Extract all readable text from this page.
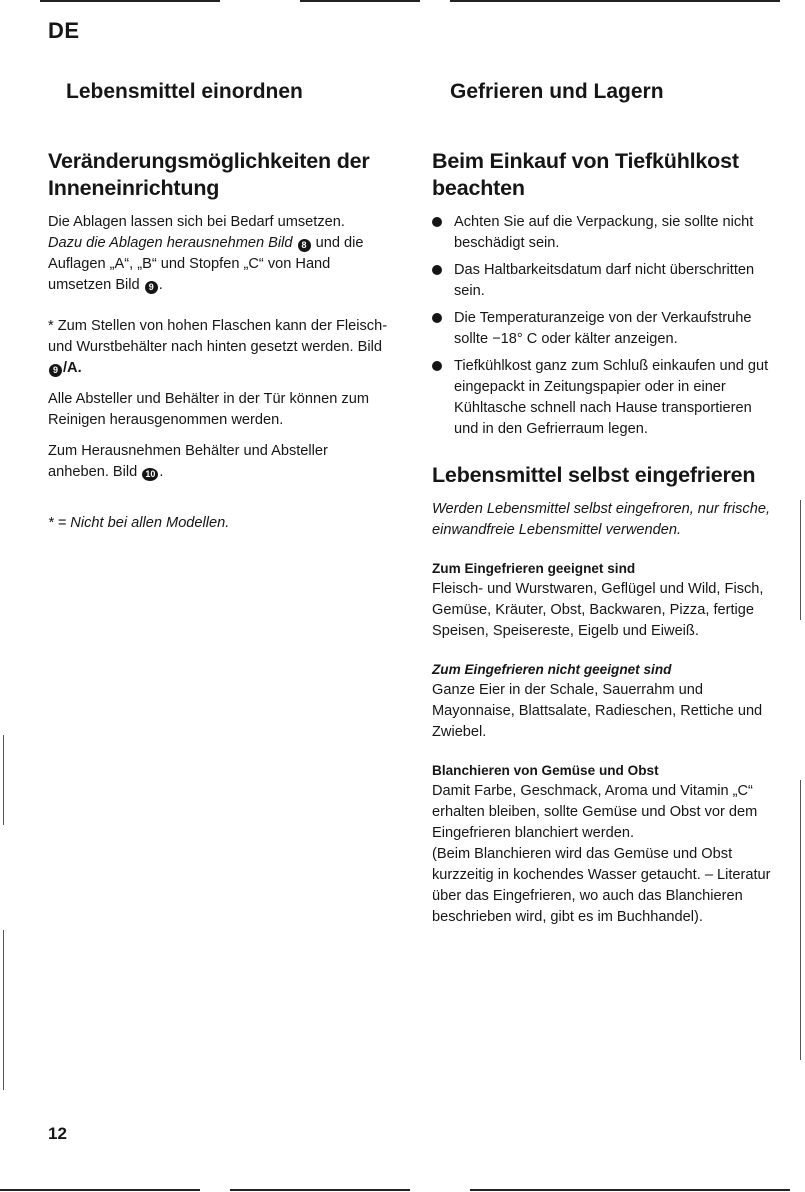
DE
Lebensmittel einordnen	Gefrieren und Lagern
Veränderungsmöglichkeiten der Inneneinrichtung

Die Ablagen lassen sich bei Bedarf umsetzen.

Dazu die Ablagen herausnehmen Bild 8 und die Auflagen „A“, „B“ und Stopfen „C“ von Hand umsetzen Bild 9 .

* Zum Stellen von hohen Flaschen kann der Fleisch- und Wurstbehälter nach hinten gesetzt werden. Bild 9 /A.

Alle Absteller und Behälter in der Tür können zum Reinigen herausgenommen werden.

Zum Herausnehmen Behälter und Absteller anheben. Bild 10 .

* = Nicht bei allen Modellen.

Beim Einkauf von Tiefkühlkost beachten
Achten Sie auf die Verpackung, sie sollte nicht beschädigt sein.
Das Haltbarkeitsdatum darf nicht überschritten sein.
Die Temperaturanzeige von der Verkaufstruhe sollte −18° C oder kälter anzeigen.
Tiefkühlkost ganz zum Schluß einkaufen und gut eingepackt in Zeitungspapier oder in einer Kühltasche schnell nach Hause transportieren und in den Gefrierraum legen.
Lebensmittel selbst eingefrieren

Werden Lebensmittel selbst eingefroren, nur frische, einwandfreie Lebensmittel verwenden.

Zum Eingefrieren geeignet sind

Fleisch- und Wurstwaren, Geflügel und Wild, Fisch, Gemüse, Kräuter, Obst, Backwaren, Pizza, fertige Speisen, Speisereste, Eigelb und Eiweiß.

Zum Eingefrieren nicht geeignet sind

Ganze Eier in der Schale, Sauerrahm und Mayonnaise, Blattsalate, Radieschen, Rettiche und Zwiebel.

Blanchieren von Gemüse und Obst

Damit Farbe, Geschmack, Aroma und Vitamin „C“ erhalten bleiben, sollte Gemüse und Obst vor dem Eingefrieren blanchiert werden.

(Beim Blanchieren wird das Gemüse und Obst kurzzeitig in kochendes Wasser getaucht. – Literatur über das Eingefrieren, wo auch das Blanchieren beschrieben wird, gibt es im Buchhandel).

12
